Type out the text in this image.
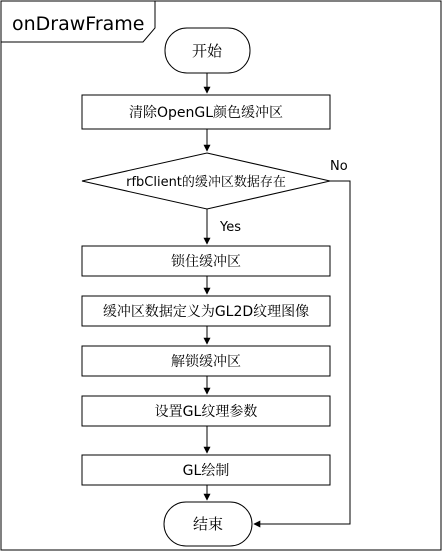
onDrawFrame
开始
清除OpenGL颜色缓冲区
rfbClient的缓冲区数据存在
Yes
No
锁住缓冲区
缓冲区数据定义为GL2D纹理图像
解锁缓冲区
设置GL纹理参数
GL绘制
结束
